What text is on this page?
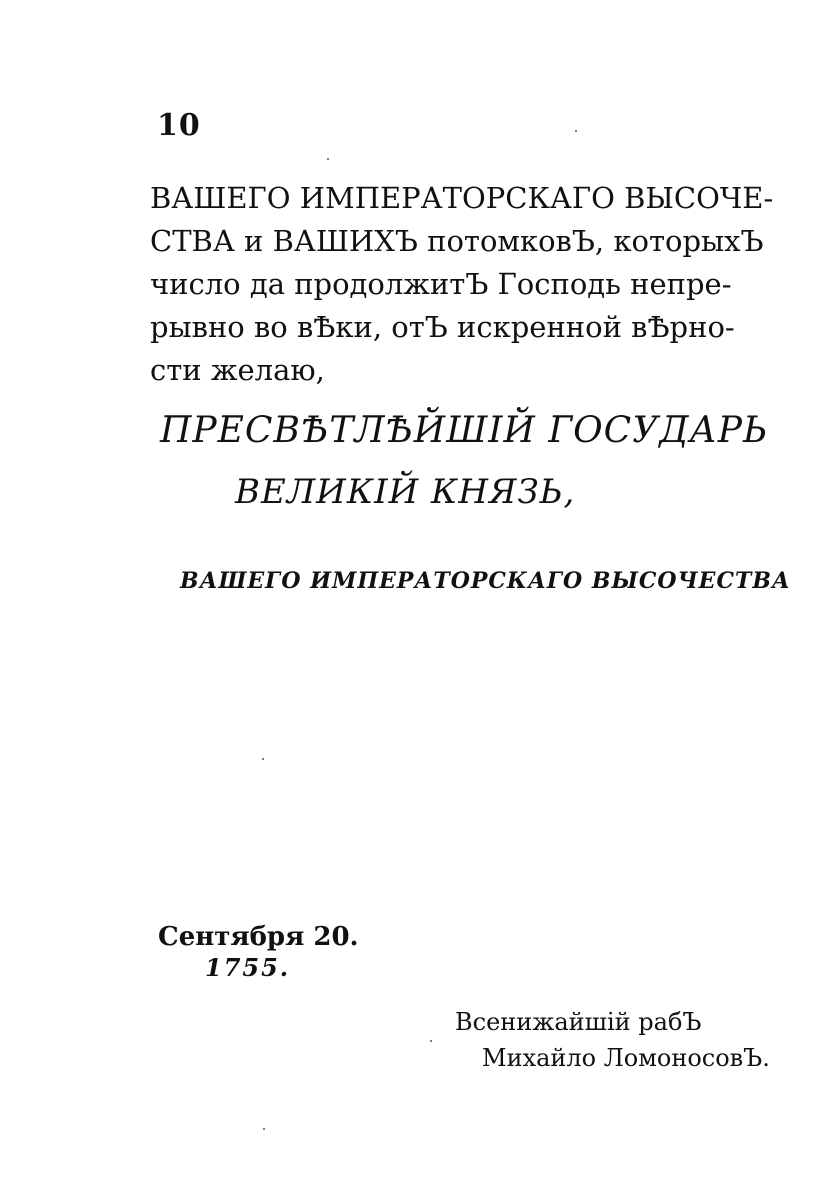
10
ВАШЕГО ИМПЕРАТОРСКАГО ВЫСОЧЕ-
СТВА и ВАШИХЪ потомковЪ, которыхЪ
число да продолжитЪ Господь непре-
рывно во вѢки, отЪ искренной вѢрно-
сти желаю,
ПРЕСВѢТЛѢЙШІЙ ГОСУДАРЬ
ВЕЛИКІЙ КНЯЗЬ,
ВАШЕГО ИМПЕРАТОРСКАГО ВЫСОЧЕСТВА
Сентября 20.
1755.
Всенижайшій рабЪ
Михайло ЛомоносовЪ.
